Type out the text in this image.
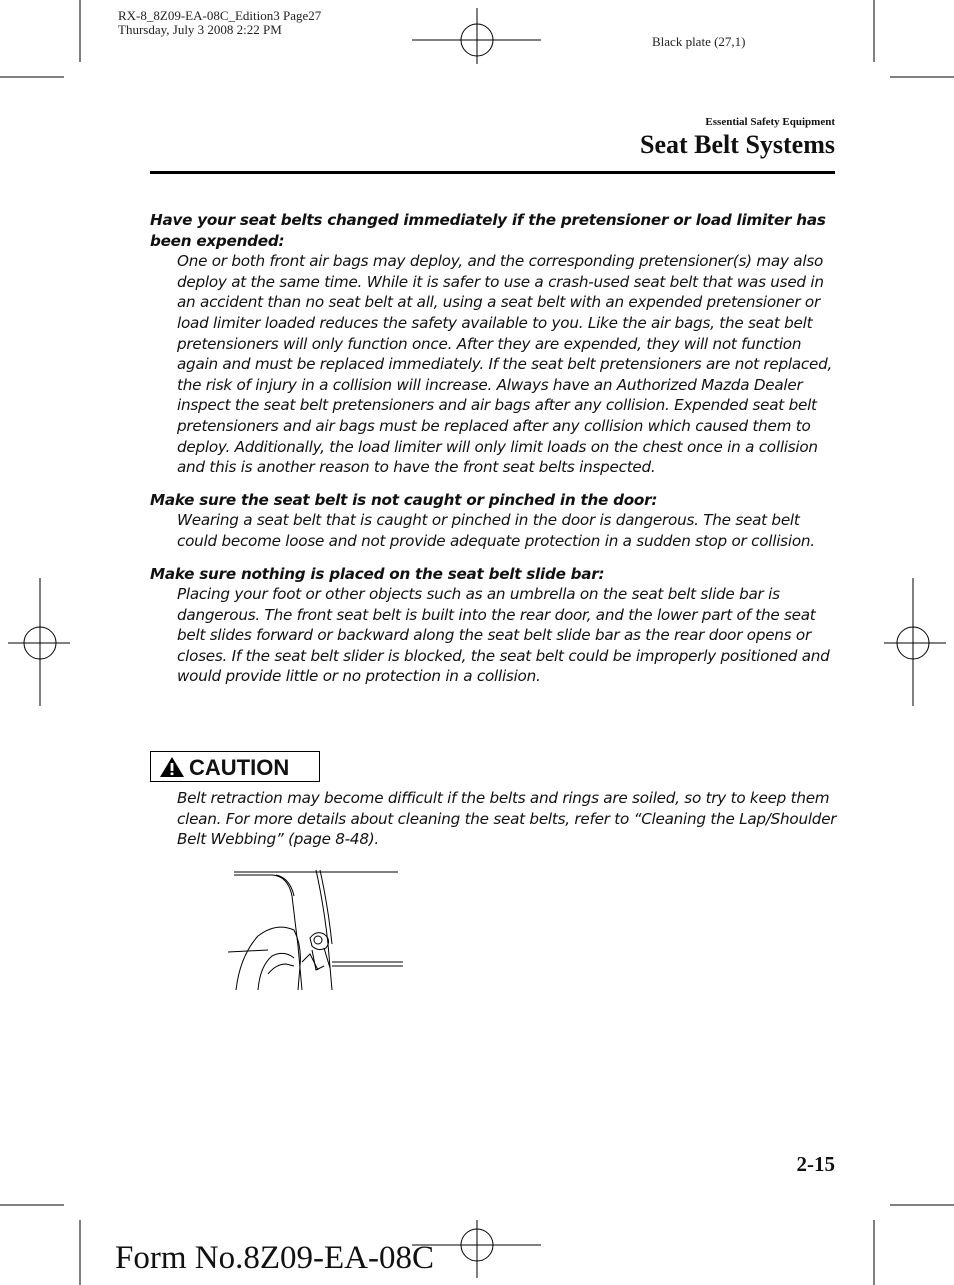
RX-8_8Z09-EA-08C_Edition3 Page27
Thursday, July 3 2008 2:22 PM
Black plate (27,1)
Essential Safety Equipment
Seat Belt Systems
Have your seat belts changed immediately if the pretensioner or load limiter has been expended:
One or both front air bags may deploy, and the corresponding pretensioner(s) may also deploy at the same time. While it is safer to use a crash-used seat belt that was used in an accident than no seat belt at all, using a seat belt with an expended pretensioner or load limiter loaded reduces the safety available to you. Like the air bags, the seat belt pretensioners will only function once. After they are expended, they will not function again and must be replaced immediately. If the seat belt pretensioners are not replaced, the risk of injury in a collision will increase. Always have an Authorized Mazda Dealer inspect the seat belt pretensioners and air bags after any collision. Expended seat belt pretensioners and air bags must be replaced after any collision which caused them to deploy. Additionally, the load limiter will only limit loads on the chest once in a collision and this is another reason to have the front seat belts inspected.
Make sure the seat belt is not caught or pinched in the door:
Wearing a seat belt that is caught or pinched in the door is dangerous. The seat belt could become loose and not provide adequate protection in a sudden stop or collision.
Make sure nothing is placed on the seat belt slide bar:
Placing your foot or other objects such as an umbrella on the seat belt slide bar is dangerous. The front seat belt is built into the rear door, and the lower part of the seat belt slides forward or backward along the seat belt slide bar as the rear door opens or closes. If the seat belt slider is blocked, the seat belt could be improperly positioned and would provide little or no protection in a collision.
CAUTION
Belt retraction may become difficult if the belts and rings are soiled, so try to keep them clean. For more details about cleaning the seat belts, refer to “Cleaning the Lap/Shoulder Belt Webbing” (page 8-48).
2-15
Form No.8Z09-EA-08C
